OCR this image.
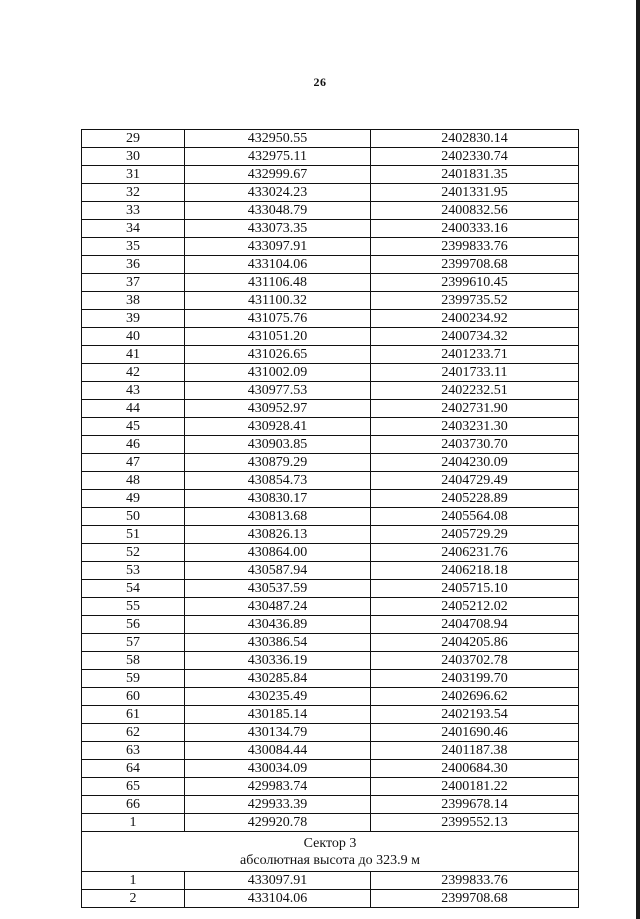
26
29	432950.55	2402830.14
30	432975.11	2402330.74
31	432999.67	2401831.35
32	433024.23	2401331.95
33	433048.79	2400832.56
34	433073.35	2400333.16
35	433097.91	2399833.76
36	433104.06	2399708.68
37	431106.48	2399610.45
38	431100.32	2399735.52
39	431075.76	2400234.92
40	431051.20	2400734.32
41	431026.65	2401233.71
42	431002.09	2401733.11
43	430977.53	2402232.51
44	430952.97	2402731.90
45	430928.41	2403231.30
46	430903.85	2403730.70
47	430879.29	2404230.09
48	430854.73	2404729.49
49	430830.17	2405228.89
50	430813.68	2405564.08
51	430826.13	2405729.29
52	430864.00	2406231.76
53	430587.94	2406218.18
54	430537.59	2405715.10
55	430487.24	2405212.02
56	430436.89	2404708.94
57	430386.54	2404205.86
58	430336.19	2403702.78
59	430285.84	2403199.70
60	430235.49	2402696.62
61	430185.14	2402193.54
62	430134.79	2401690.46
63	430084.44	2401187.38
64	430034.09	2400684.30
65	429983.74	2400181.22
66	429933.39	2399678.14
1	429920.78	2399552.13

Сектор 3
абсолютная высота до 323.9 м		

1	433097.91	2399833.76
2	433104.06	2399708.68
